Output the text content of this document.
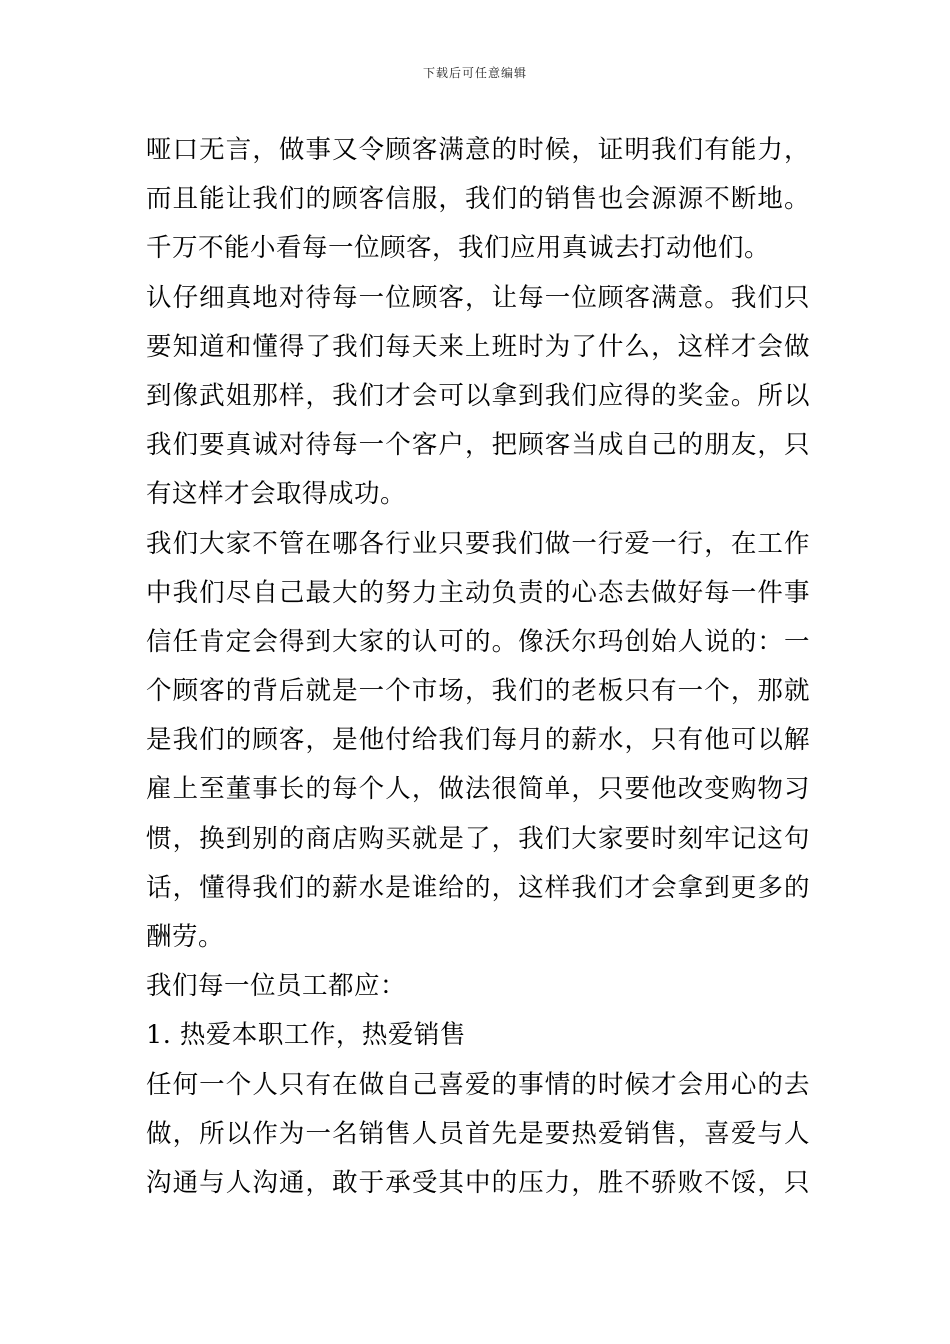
下载后可任意编辑
哑口无言，做事又令顾客满意的时候，证明我们有能力，
而且能让我们的顾客信服，我们的销售也会源源不断地。
千万不能小看每一位顾客，我们应用真诚去打动他们。
认仔细真地对待每一位顾客，让每一位顾客满意。我们只
要知道和懂得了我们每天来上班时为了什么，这样才会做
到像武姐那样，我们才会可以拿到我们应得的奖金。所以
我们要真诚对待每一个客户，把顾客当成自己的朋友，只
有这样才会取得成功。
我们大家不管在哪各行业只要我们做一行爱一行，在工作
中我们尽自己最大的努力主动负责的心态去做好每一件事
信任肯定会得到大家的认可的。像沃尔玛创始人说的：一
个顾客的背后就是一个市场，我们的老板只有一个，那就
是我们的顾客，是他付给我们每月的薪水，只有他可以解
雇上至董事长的每个人，做法很简单，只要他改变购物习
惯，换到别的商店购买就是了，我们大家要时刻牢记这句
话，懂得我们的薪水是谁给的，这样我们才会拿到更多的
酬劳。
我们每一位员工都应：
1. 热爱本职工作，热爱销售
任何一个人只有在做自己喜爱的事情的时候才会用心的去
做，所以作为一名销售人员首先是要热爱销售，喜爱与人
沟通与人沟通，敢于承受其中的压力，胜不骄败不馁，只
